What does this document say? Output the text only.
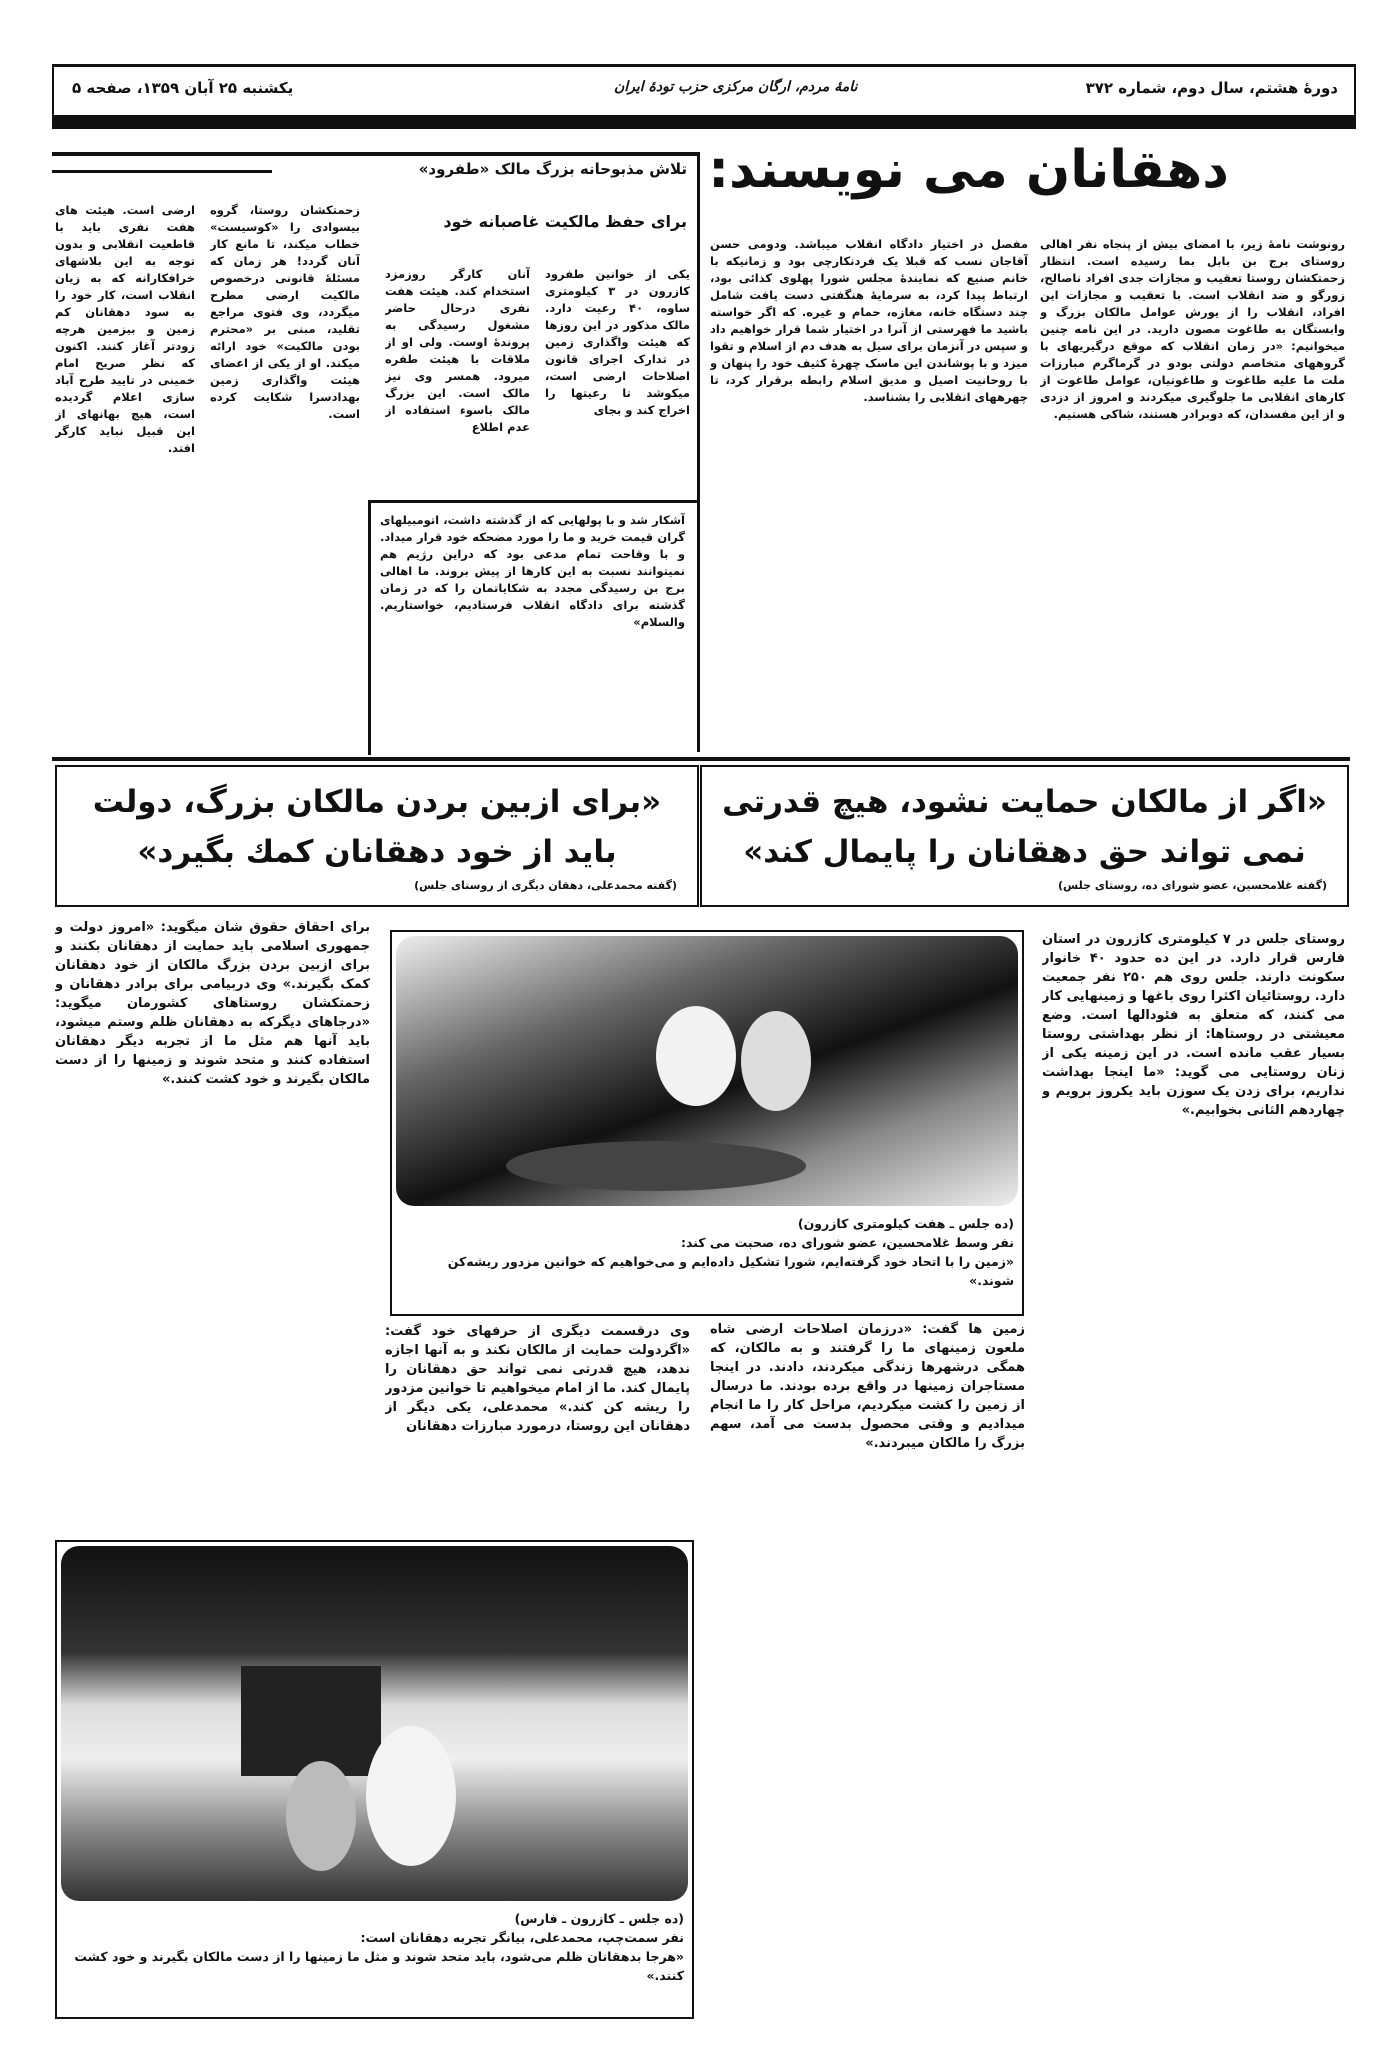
دورهٔ هشتم، سال دوم، شماره ۳۷۲
نامهٔ مردم، ارگان مرکزی حزب تودهٔ ایران
یکشنبه ۲۵ آبان ۱۳۵۹، صفحه ۵
دهقانان می نویسند:
رونوشت نامهٔ زیر، با امضای بیش از پنجاه نفر اهالی روستای برج بن بابل بما رسیده است. انتظار زحمتکشان روستا تعقیب و مجازات جدی افراد ناصالح، زورگو و ضد انقلاب است. با تعقیب و مجازات این افراد، انقلاب را از یورش عوامل مالکان بزرگ و وابستگان به طاغوت مصون دارید. در این نامه چنین میخوانیم: «در زمان انقلاب که موقع درگیریهای با گروههای متخاصم دولتی بودو در گرماگرم مبارزات ملت ما علیه طاغوت و طاغوتیان، عوامل طاغوت از کارهای انقلابی ما جلوگیری میکردند و امروز از دزدی و از این مفسدان، که دوبرادر هستند، شاکی هستیم.
مفصل در اختیار دادگاه انقلاب میباشد. ودومی حسن آقاجان نسب که قبلا یک فردنکارچی بود و زمانیکه با خانم صنیع که نمایندهٔ مجلس شورا پهلوی کذائی بود، ارتباط پیدا کرد، به سرمایهٔ هنگفتی دست یافت شامل چند دستگاه خانه، مغازه، حمام و غیره. که اگر خواسته باشید ما فهرستی از آنرا در اختیار شما قرار خواهیم داد و سپس در آنزمان برای سیل به هدف دم از اسلام و تقوا میزد و با پوشاندن این ماسک چهرهٔ کثیف خود را پنهان و با روحانیت اصیل و مدیق اسلام رابطه برقرار کرد، تا چهرههای انقلابی را بشناسد.
تلاش مذبوحانه بزرگ مالک «طفرود»
برای حفظ مالکیت غاصبانه خود
یکی از خوانین طفرود کازرون در ۳ کیلومتری ساوه، ۴۰ رعیت دارد. مالک مذکور در این روزها که هیئت واگذاری زمین در تدارک اجرای قانون اصلاحات ارضی است، میکوشد تا رعیتها را اخراج کند و بجای
آنان کارگر روزمزد استخدام کند. هیئت هفت نفری درحال حاضر مشغول رسیدگی به پروندهٔ اوست. ولی او از ملاقات با هیئت طفره میرود. همسر وی نیز مالک است. این بزرگ مالک باسوء استفاده از عدم اطلاع
زحمتکشان روستا، گروه بیسوادی را «کوسیست» خطاب میکند، تا مانع کار آنان گردد! هر زمان که مسئلهٔ قانونی درخصوص مالکیت ارضی مطرح میگردد، وی فتوی مراجع تقلید، مبنی بر «محترم بودن مالکیت» خود ارائه میکند. او از یکی از اعضای هیئت واگذاری زمین بهدادسرا شکایت کرده است.
ارضی است. هیئت های هفت نفری باید با قاطعیت انقلابی و بدون توجه به این بلاشهای خرافکارانه که به زیان انقلاب است، کار خود را به سود دهقانان کم زمین و بیزمین هرچه زودتر آغاز کنند. اکنون که نظر صریح امام خمینی در تایید طرح آباد سازی اعلام گردیده است، هیچ بهانهای از این قبیل نباید کارگر افتد.
آشکار شد و با پولهایی که از گذشته داشت، اتومبیلهای گران قیمت خرید و ما را مورد مضحکه خود قرار میداد. و با وقاحت تمام مدعی بود که دراین رژیم هم نمیتوانند نسبت به این کارها از پیش بروند. ما اهالی برج بن رسیدگی مجدد به شکایاتمان را که در زمان گذشته برای دادگاه انقلاب فرستادیم، خواستاریم. والسلام»
«اگر از مالکان حمایت نشود، هیچ قدرتی نمی تواند حق دهقانان را پایمال کند»
(گفته غلامحسین، عضو شورای ده، روستای جلس)
«برای ازبین بردن مالکان بزرگ، دولت باید از خود دهقانان کمك بگیرد»
(گفته محمدعلی، دهقان دیگری از روستای جلس)
روستای جلس در ۷ کیلومتری کازرون در استان فارس قرار دارد. در این ده حدود ۴۰ خانوار سکونت دارند. جلس روی هم ۲۵۰ نفر جمعیت دارد. روستائیان اکثرا روی باغها و زمینهایی کار می کنند، که متعلق به فئودالها است. وضع معیشتی در روستاها: از نظر بهداشتی روستا بسیار عقب مانده است. در این زمینه یکی از زنان روستایی می گوید: «ما اینجا بهداشت نداریم، برای زدن یک سوزن باید یکروز برویم و چهاردهم الثانی بخوابیم.»
زمین ها گفت: «درزمان اصلاحات ارضی شاه ملعون زمینهای ما را گرفتند و به مالکان، که همگی درشهرها زندگی میکردند، دادند. در اینجا مستاجران زمینها در واقع برده بودند. ما درسال از زمین را کشت میکردیم، مراحل کار را ما انجام میدادیم و وقتی محصول بدست می آمد، سهم بزرگ را مالکان میبردند.»
برای احقاق حقوق شان میگوید: «امروز دولت و جمهوری اسلامی باید حمایت از دهقانان بکنند و برای ازبین بردن بزرگ مالکان از خود دهقانان کمک بگیرند.» وی دربیامی برای برادر دهقانان و زحمتکشان روستاهای کشورمان میگوید: «درجاهای دیگرکه به دهقانان ظلم وستم میشود، باید آنها هم مثل ما از تجربه دیگر دهقانان استفاده کنند و متحد شوند و زمینها را از دست مالکان بگیرند و خود کشت کنند.»
وی درقسمت دیگری از حرفهای خود گفت: «اگردولت حمایت از مالکان نکند و به آنها اجازه ندهد، هیچ قدرتی نمی تواند حق دهقانان را پایمال کند. ما از امام میخواهیم تا خوانین مزدور را ریشه کن کند.» محمدعلی، یکی دیگر از دهقانان این روستا، درمورد مبارزات دهقانان
(ده جلس ـ هفت کیلومتری کازرون)
نفر وسط غلامحسین، عضو شورای ده، صحبت می کند:
«زمین را با اتحاد خود گرفته‌ایم، شورا تشکیل داده‌ایم و می‌خواهیم که خوانین مزدور ریشه‌کن شوند.»
(ده جلس ـ کازرون ـ فارس)
نفر سمت‌چپ، محمدعلی، بیانگر تجربه دهقانان است:
«هرجا بدهقانان ظلم می‌شود، باید متحد شوند و مثل ما زمینها را از دست مالکان بگیرند و خود کشت کنند.»
